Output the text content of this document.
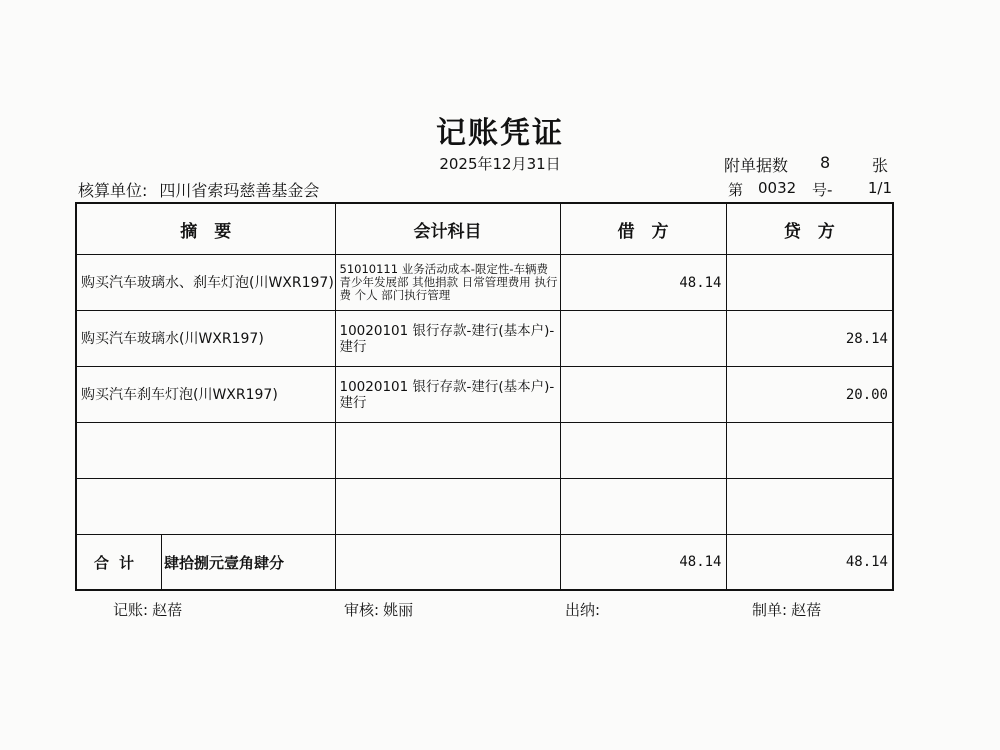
记账凭证
2025年12月31日	附单据数 8	张
核算单位: 四川省索玛慈善基金会	第 0032 号- 1/1
摘　要	会计科目	借　方	贷　方
购买汽车玻璃水、刹车灯泡(川WXR197)	51010111 业务活动成本-限定性-车辆费 青少年发展部 其他捐款 日常管理费用 执行费 个人 部门执行管理	48.14	
购买汽车玻璃水(川WXR197)	10020101 银行存款-建行(基本户)-建行		28.14
购买汽车刹车灯泡(川WXR197)	10020101 银行存款-建行(基本户)-建行		20.00

合计 肆拾捌元壹角肆分		48.14	48.14
记账: 赵蓓	审核: 姚丽	出纳:	制单: 赵蓓
